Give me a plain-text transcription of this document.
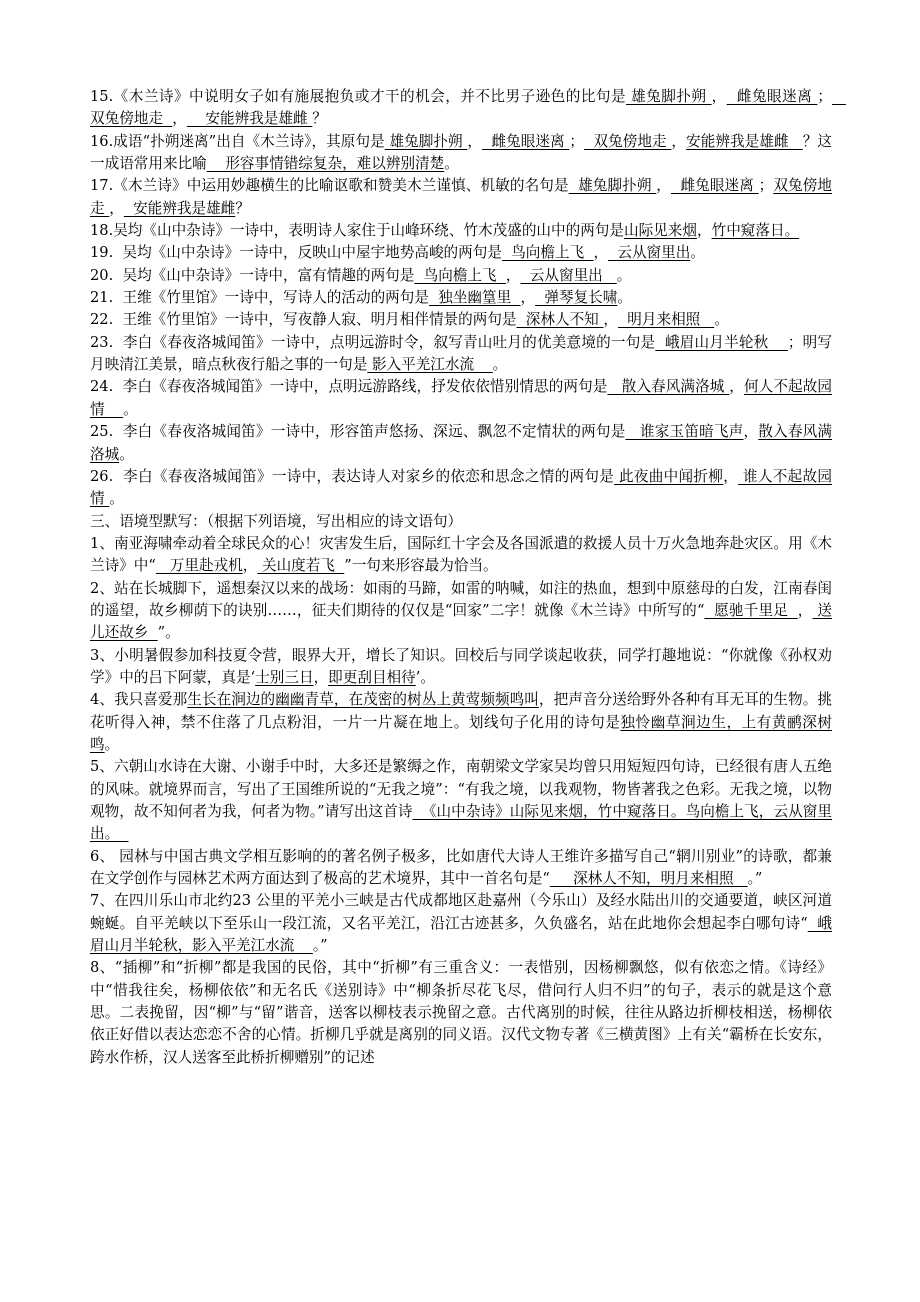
15.《木兰诗》中说明女子如有施展抱负或才干的机会，并不比男子逊色的比句是 雄兔脚扑朔 ，  雌兔眼迷离 ；   双兔傍地走  ，    安能辨我是雄雌 ？

16.成语“扑朔迷离”出自《木兰诗》，其原句是 雄兔脚扑朔 ，  雌兔眼迷离 ；  双兔傍地走 ，安能辨我是雄雌   ？这一成语常用来比喻    形容事情错综复杂，难以辨别清楚。

17.《木兰诗》中运用妙趣横生的比喻讴歌和赞美木兰谨慎、机敏的名句是  雄兔脚扑朔 ，  雌兔眼迷离 ；双兔傍地走 ，  安能辨我是雄雌？

18.吴均《山中杂诗》一诗中，表明诗人家住于山峰环绕、竹木茂盛的山中的两句是山际见来烟，竹中窥落日。

19.  吴均《山中杂诗》一诗中，反映山中屋宇地势高峻的两句是  鸟向檐上飞  ，  云从窗里出。

20.  吴均《山中杂诗》一诗中，富有情趣的两句是  鸟向檐上飞  ，  云从窗里出   。

21.  王维《竹里馆》一诗中，写诗人的活动的两句是  独坐幽篁里  ，  弹琴复长啸。

22.  王维《竹里馆》一诗中，写夜静人寂、明月相伴情景的两句是  深林人不知 ，  明月来相照   。

23.  李白《春夜洛城闻笛》一诗中，点明远游时令，叙写青山吐月的优美意境的一句是  峨眉山月半轮秋    ；明写月映清江美景，暗点秋夜行船之事的一句是 影入平羌江水流    。

24.  李白《春夜洛城闻笛》一诗中，点明远游路线，抒发依依惜别情思的两句是   散入春风满洛城 ，何人不起故园情    。

25.  李白《春夜洛城闻笛》一诗中，形容笛声悠扬、深远、飘忽不定情状的两句是   谁家玉笛暗飞声，散入春风满洛城。

26.  李白《春夜洛城闻笛》一诗中，表达诗人对家乡的依恋和思念之情的两句是 此夜曲中闻折柳， 谁人不起故园情 。

三、语境型默写：（根据下列语境，写出相应的诗文语句）

1、南亚海啸牵动着全球民众的心！灾害发生后，国际红十字会及各国派遣的救援人员十万火急地奔赴灾区。用《木兰诗》中“   万里赴戎机， 关山度若飞  ”一句来形容最为恰当。

2、站在长城脚下，遥想秦汉以来的战场：如雨的马蹄，如雷的呐喊，如注的热血，想到中原慈母的白发，江南春闺的遥望，故乡柳荫下的诀别……，征夫们期待的仅仅是“回家”二字！就像《木兰诗》中所写的“  愿驰千里足  ， 送儿还故乡  ”。

3、小明暑假参加科技夏令营，眼界大开，增长了知识。回校后与同学谈起收获，同学打趣地说：“你就像《孙权劝学》中的吕下阿蒙，真是‘士别三日，即更刮目相待’。

4、我只喜爱那生长在涧边的幽幽青草，在茂密的树丛上黄莺频频鸣叫，把声音分送给野外各种有耳无耳的生物。挑花听得入神，禁不住落了几点粉泪，一片一片凝在地上。划线句子化用的诗句是独怜幽草涧边生，上有黄鹂深树鸣。

5、六朝山水诗在大谢、小谢手中时，大多还是繁缛之作，南朝梁文学家吴均曾只用短短四句诗，已经很有唐人五绝的风味。就境界而言，写出了王国维所说的“无我之境”：“有我之境，以我观物，物皆著我之色彩。无我之境，以物观物，故不知何者为我，何者为物。”请写出这首诗  《山中杂诗》山际见来烟，竹中窥落日。鸟向檐上飞，云从窗里出。

6、 园林与中国古典文学相互影响的的著名例子极多，比如唐代大诗人王维许多描写自己“辋川别业”的诗歌，都兼在文学创作与园林艺术两方面达到了极高的艺术境界，其中一首名句是“     深林人不知，明月来相照   。”

7、在四川乐山市北约23 公里的平羌小三峡是古代成都地区赴嘉州（今乐山）及经水陆出川的交通要道，峡区河道蜿蜒。自平羌峡以下至乐山一段江流，又名平羌江，沿江古迹甚多，久负盛名，站在此地你会想起李白哪句诗“  峨眉山月半轮秋，影入平羌江水流    。”

8、“插柳”和“折柳”都是我国的民俗，其中“折柳”有三重含义：一表惜别，因杨柳飘悠，似有依恋之情。《诗经》中“惜我往矣，杨柳依依”和无名氏《送别诗》中“柳条折尽花飞尽，借问行人归不归”的句子，表示的就是这个意思。二表挽留，因“柳”与“留”谐音，送客以柳枝表示挽留之意。古代离别的时候，往往从路边折柳枝相送，杨柳依依正好借以表达恋恋不舍的心情。折柳几乎就是离别的同义语。汉代文物专著《三横黄图》上有关“霸桥在长安东，跨水作桥，汉人送客至此桥折柳赠别”的记述
